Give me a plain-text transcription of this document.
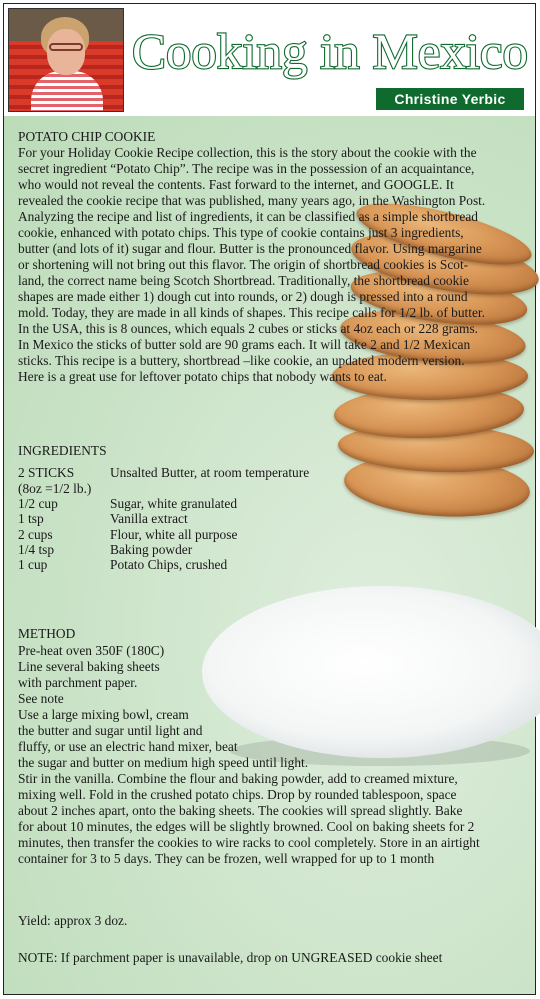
Cooking in Mexico
Christine Yerbic
POTATO CHIP COOKIE
For your Holiday Cookie Recipe collection, this is the story about the cookie with the
secret ingredient “Potato Chip”. The recipe was in the possession of an acquaintance,
who would not reveal the contents. Fast forward to the internet, and GOOGLE. It
revealed the cookie recipe that was published, many years ago, in the Washington Post.
Analyzing the recipe and list of ingredients, it can be classified as a simple shortbread
cookie, enhanced with potato chips. This type of cookie contains just 3 ingredients,
butter (and lots of it) sugar and flour. Butter is the pronounced flavor. Using margarine
or shortening will not bring out this flavor. The origin of shortbread cookies is Scot-
land, the correct name being Scotch Shortbread. Traditionally, the shortbread cookie
shapes are made either 1) dough cut into rounds, or 2) dough is pressed into a round
mold. Today, they are made in all kinds of shapes. This recipe calls for 1/2 lb. of butter.
In the USA, this is 8 ounces, which equals 2 cubes or sticks at 4oz each or 228 grams.
In Mexico the sticks of butter sold are 90 grams each. It will take 2 and 1/2 Mexican
sticks. This recipe is a buttery, shortbread –like cookie, an updated modern version.
Here is a great use for leftover potato chips that nobody wants to eat.
INGREDIENTS
2 STICKS	Unsalted Butter, at room temperature
(8oz =1/2 lb.)
1/2 cup	Sugar, white granulated
1 tsp	Vanilla extract
2 cups	Flour, white all purpose
1/4 tsp	Baking powder
1 cup	Potato Chips, crushed
METHOD
Pre-heat oven 350F (180C)
Line several baking sheets
with parchment paper.
See note
Use a large mixing bowl, cream
the butter and sugar until light and
fluffy, or use an electric hand mixer, beat
the sugar and butter on medium high speed until light.
Stir in the vanilla. Combine the flour and baking powder, add to creamed mixture,
mixing well. Fold in the crushed potato chips. Drop by rounded tablespoon, space
about 2 inches apart, onto the baking sheets. The cookies will spread slightly. Bake
for about 10 minutes, the edges will be slightly browned. Cool on baking sheets for 2
minutes, then transfer the cookies to wire racks to cool completely. Store in an airtight
container for 3 to 5 days. They can be frozen, well wrapped for up to 1 month
Yield: approx 3 doz.
NOTE: If parchment paper is unavailable, drop on UNGREASED cookie sheet
